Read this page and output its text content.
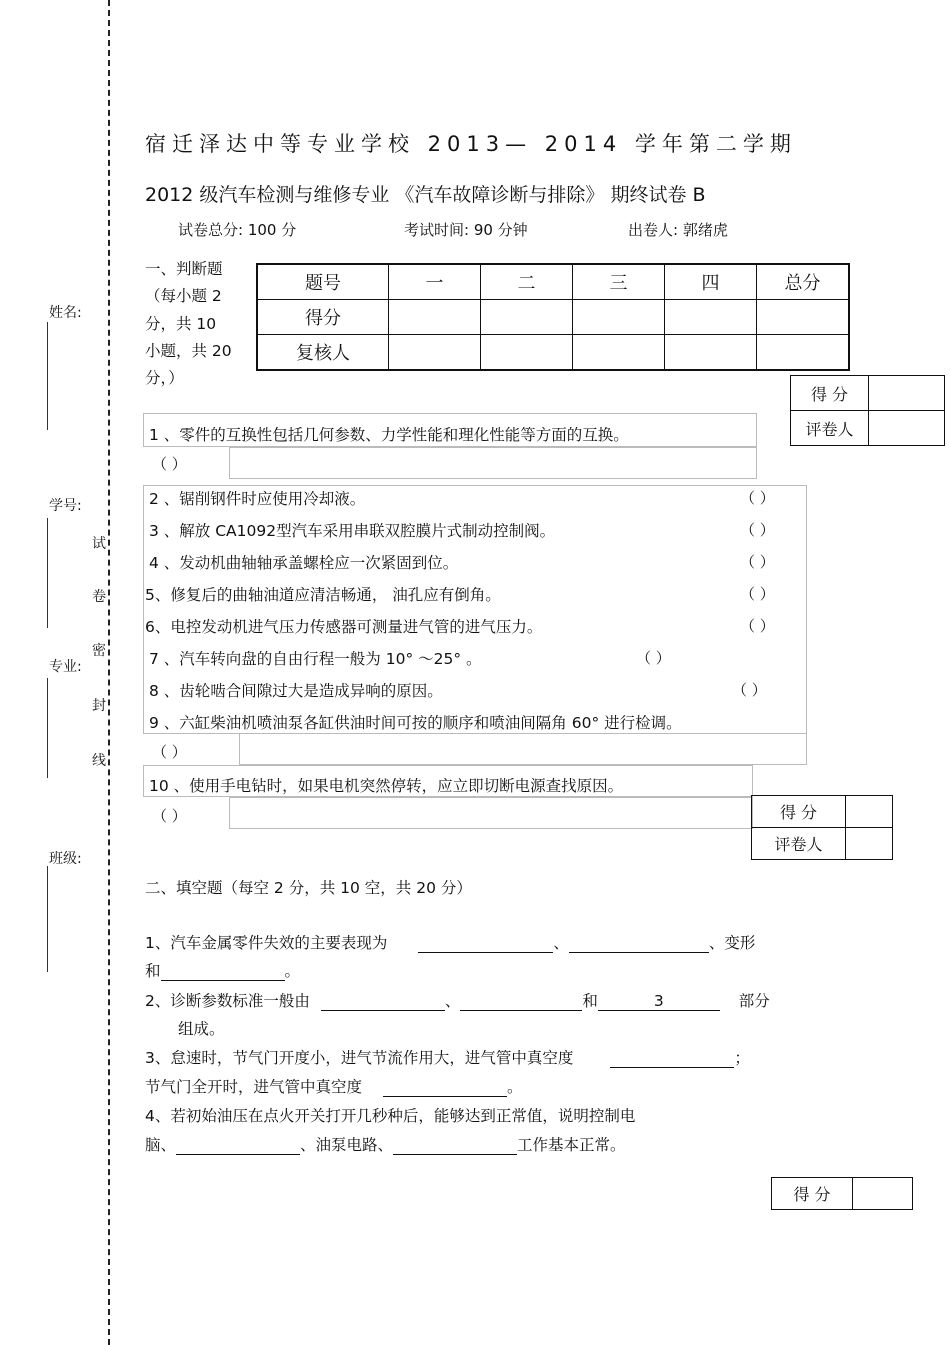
姓名:
学号:
专业:
班级:
试
卷
密
封
线
宿迁泽达中等专业学校 2013— 2014 学年第二学期
2012 级汽车检测与维修专业 《汽车故障诊断与排除》 期终试卷 B
试卷总分: 100 分	考试时间: 90 分钟	出卷人: 郭绪虎
一、判断题
（每小题 2
分，共 10
小题，共 20
分，）
题号	一	二	三	四	总分
得分					
复核人					
得 分	
评卷人	
1 、零件的互换性包括几何参数、力学性能和理化性能等方面的互换。
（ ）
2 、锯削钢件时应使用冷却液。	（ ）
3 、解放 CA1092型汽车采用串联双腔膜片式制动控制阀。	（ ）
4 、发动机曲轴轴承盖螺栓应一次紧固到位。	（ ）
5、修复后的曲轴油道应清洁畅通， 油孔应有倒角。	（ ）
6、电控发动机进气压力传感器可测量进气管的进气压力。	（ ）
7 、汽车转向盘的自由行程一般为 10° ～25° 。	（ ）
8 、齿轮啮合间隙过大是造成异响的原因。	（ ）
9 、六缸柴油机喷油泵各缸供油时间可按的顺序和喷油间隔角 60° 进行检调。
（ ）
10 、使用手电钻时，如果电机突然停转，应立即切断电源查找原因。
（ ）	得 分	
评卷人	
二、填空题（每空 2 分，共 10 空，共 20 分）
1、汽车金属零件失效的主要表现为	、	、变形
和	。
2、诊断参数标准一般由	、	和	3	部分
组成。
3、怠速时，节气门开度小，进气节流作用大，进气管中真空度	；
节气门全开时，进气管中真空度	。
4、若初始油压在点火开关打开几秒种后，能够达到正常值，说明控制电
脑、	、油泵电路、	工作基本正常。
得 分	
